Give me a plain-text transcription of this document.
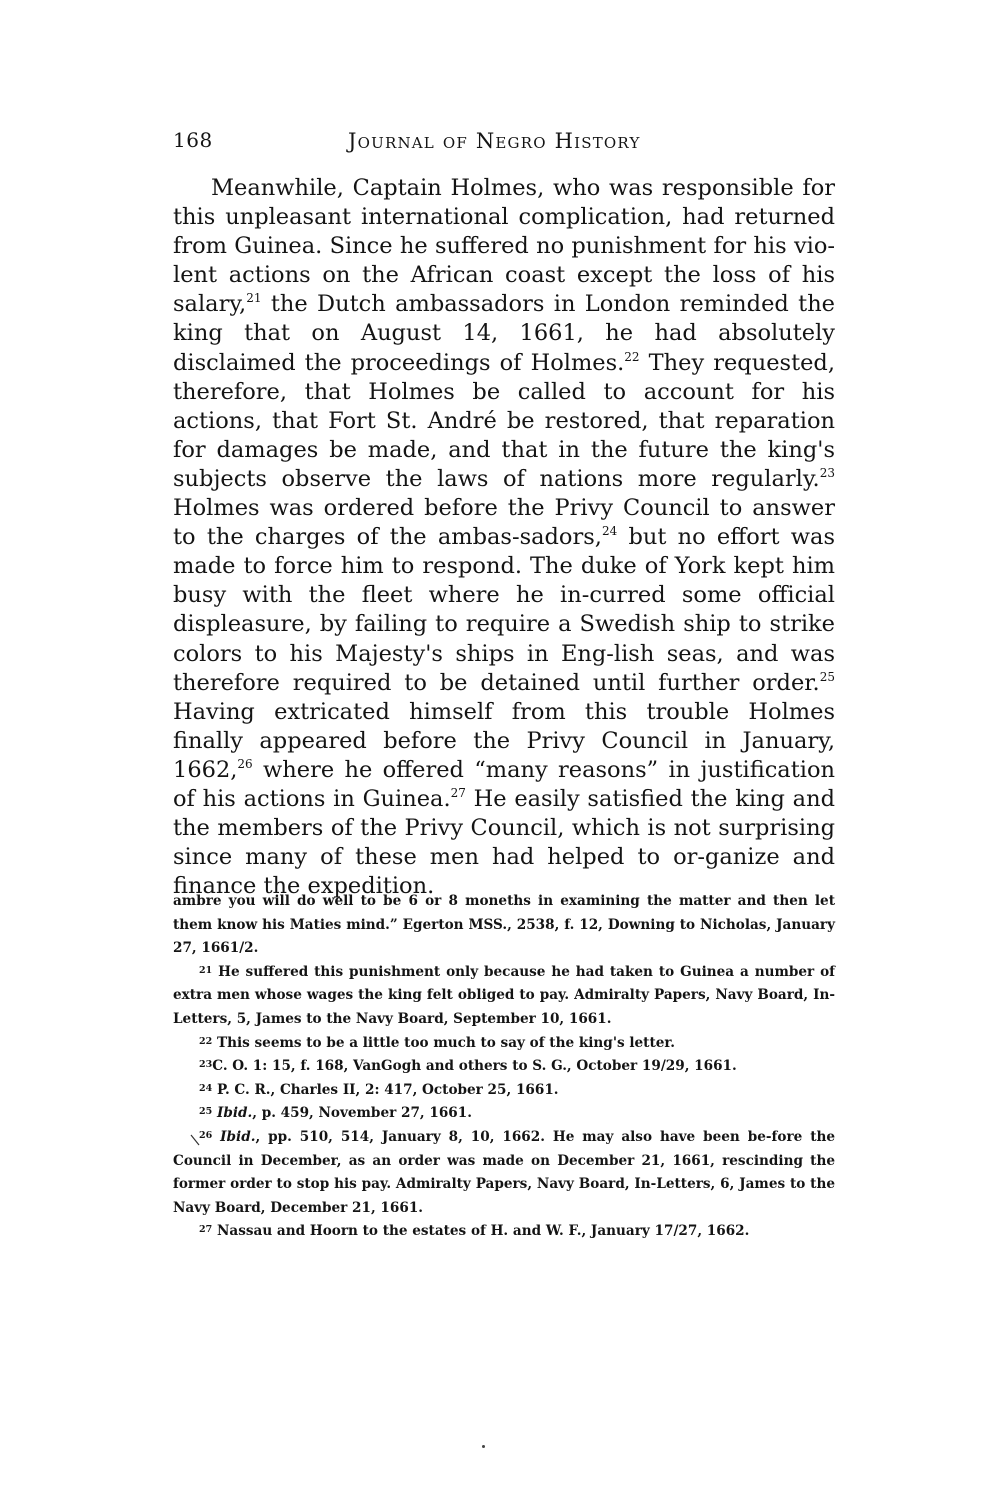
168	Journal of Negro History

Meanwhile, Captain Holmes, who was responsible for this unpleasant international complication, had returned from Guinea. Since he suffered no punishment for his vio-lent actions on the African coast except the loss of his salary,$^{21}$ the Dutch ambassadors in London reminded the king that on August 14, 1661, he had absolutely disclaimed the proceedings of Holmes.$^{22}$ They requested, therefore, that Holmes be called to account for his actions, that Fort St. André be restored, that reparation for damages be made, and that in the future the king's subjects observe the laws of nations more regularly.$^{23}$ Holmes was ordered before the Privy Council to answer to the charges of the ambas-sadors,$^{24}$ but no effort was made to force him to respond. The duke of York kept him busy with the fleet where he in-curred some official displeasure, by failing to require a Swedish ship to strike colors to his Majesty's ships in Eng-lish seas, and was therefore required to be detained until further order.$^{25}$ Having extricated himself from this trouble Holmes finally appeared before the Privy Council in January, 1662,26 where he offered “many reasons” in justification of his actions in Guinea.$^{27}$ He easily satisfied the king and the members of the Privy Council, which is not surprising since many of these men had helped to or-ganize and finance the expedition.

ambre you will do well to be 6 or 8 moneths in examining the matter and then let them know his Maties mind.” Egerton MSS., 2538, f. 12, Downing to Nicholas, January 27, 1661/2.

$^{21}$ He suffered this punishment only because he had taken to Guinea a number of extra men whose wages the king felt obliged to pay. Admiralty Papers, Navy Board, In-Letters, 5, James to the Navy Board, September 10, 1661.

$^{22}$ This seems to be a little too much to say of the king's letter.

$^{23}$C. O. 1: 15, f. 168, VanGogh and others to S. G., October 19/29, 1661.

$^{24}$ P. C. R., Charles II, 2: 417, October 25, 1661.

$^{25}$ Ibid., p. 459, November 27, 1661.

$^{26}$ Ibid., pp. 510, 514, January 8, 10, 1662. He may also have been be-fore the Council in December, as an order was made on December 21, 1661, rescinding the former order to stop his pay. Admiralty Papers, Navy Board, In-Letters, 6, James to the Navy Board, December 21, 1661.

$^{27}$ Nassau and Hoorn to the estates of H. and W. F., January 17/27, 1662.
